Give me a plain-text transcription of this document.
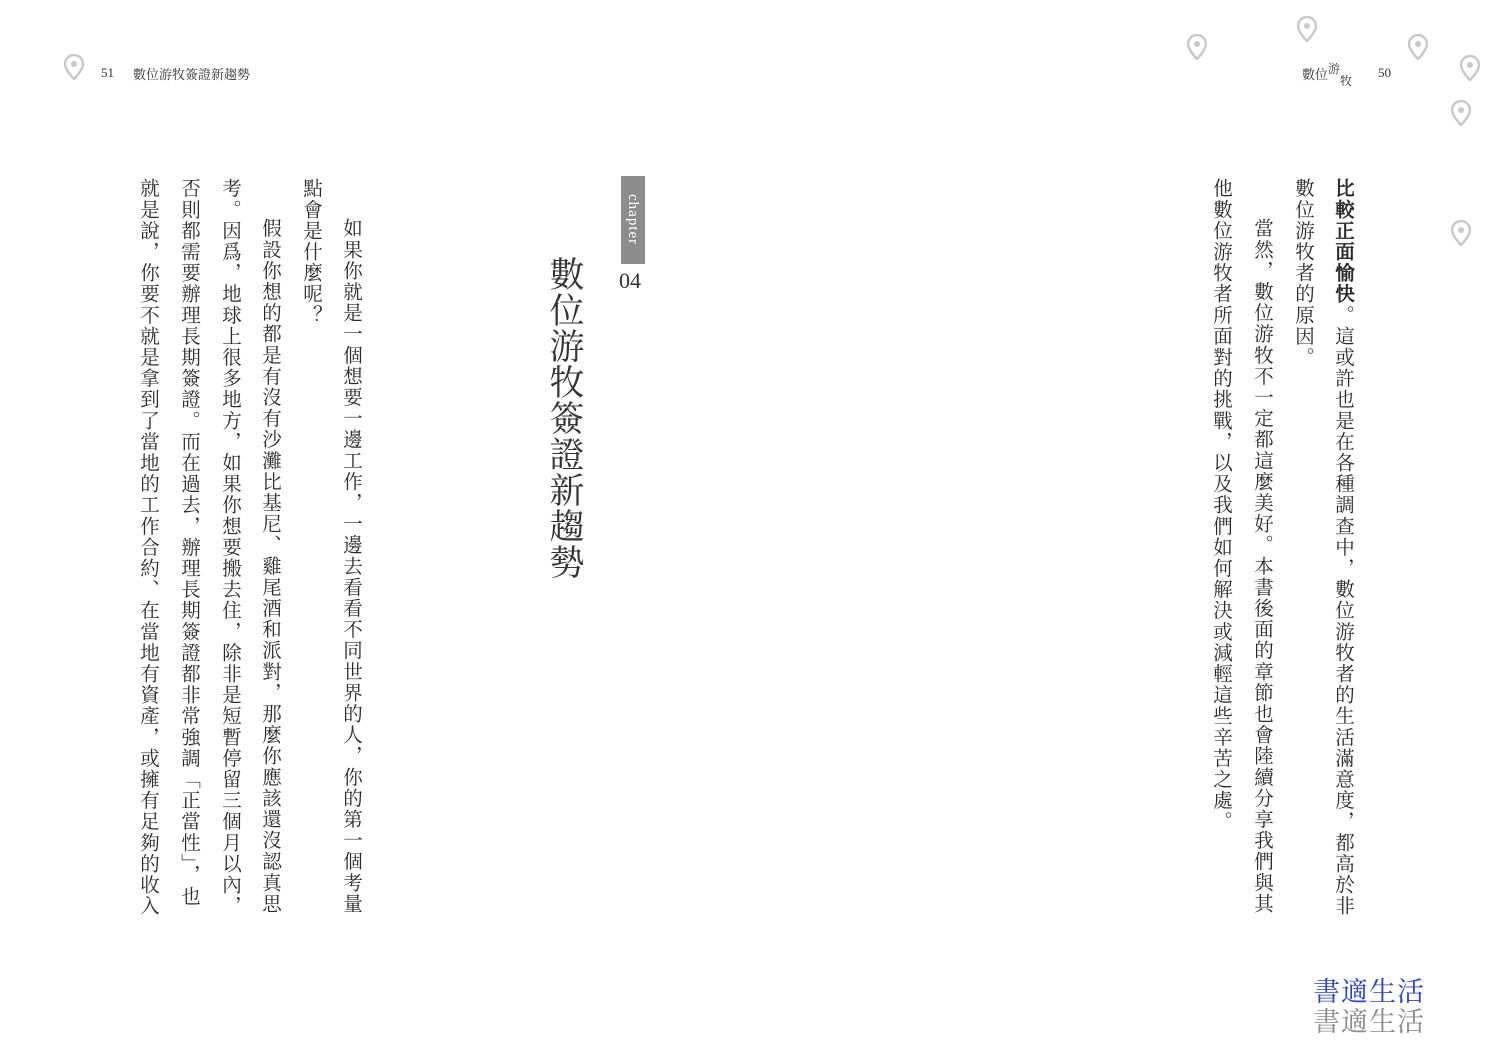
51 數位游牧簽證新趨勢	數位游牧
50
比較正面愉快。這或許也是在各種調查中，數位游牧者的生活滿意度，都高於非
數位游牧者的原因。
當然，數位游牧不一定都這麼美好。本書後面的章節也會陸續分享我們與其
他數位游牧者所面對的挑戰，以及我們如何解決或減輕這些辛苦之處。
chapter
04
數位游牧簽證新趨勢
如果你就是一個想要一邊工作，一邊去看看不同世界的人，你的第一個考量
點會是什麼呢？
假設你想的都是有沒有沙灘比基尼、雞尾酒和派對，那麼你應該還沒認真思
考。因爲，地球上很多地方，如果你想要搬去住，除非是短暫停留三個月以內，
否則都需要辦理長期簽證。而在過去，辦理長期簽證都非常強調「正當性」，也
就是說，你要不就是拿到了當地的工作合約、在當地有資產，或擁有足夠的收入
書適生活
書適生活
